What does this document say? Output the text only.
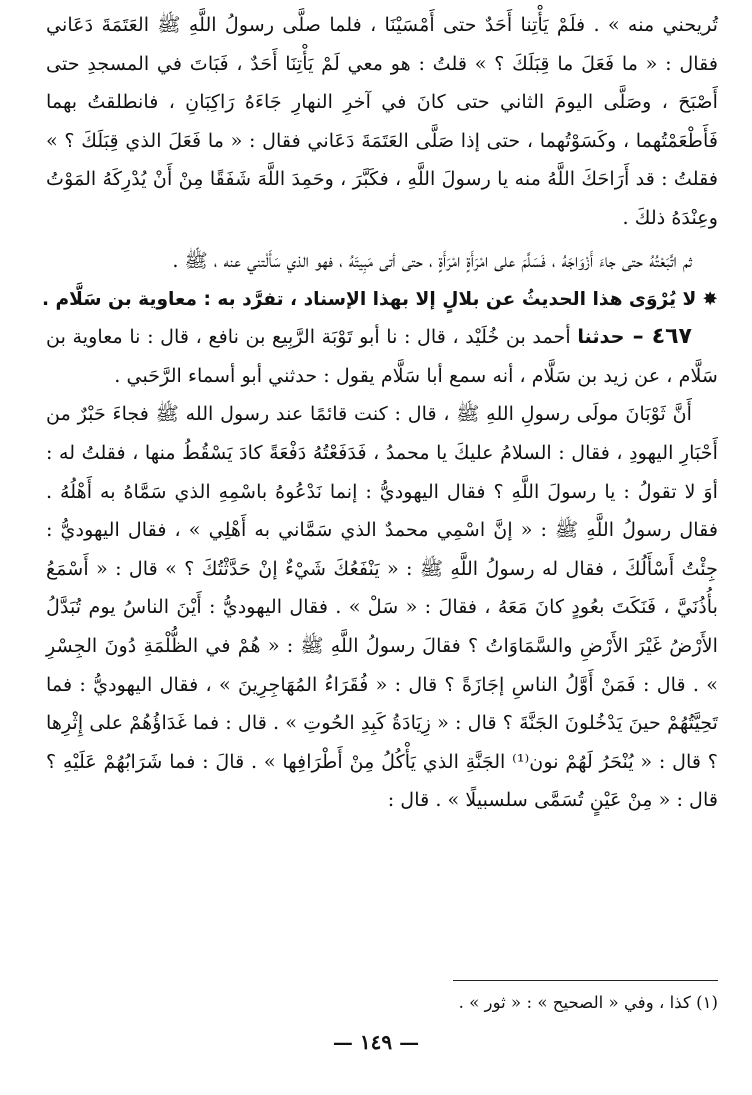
تُريحني منه » . فلَمْ يَأْتِنا أَحَدٌ حتى أَمْسَيْنَا ، فلما صلَّى رسولُ اللَّهِ ﷺ العَتَمَةَ دَعَاني فقال : « ما فَعَلَ ما قِبَلَكَ ؟ » قلتُ : هو معي لَمْ يَأْتِنَا أَحَدٌ ، فَبَاتَ في المسجدِ حتى أَصْبَحَ ، وصَلَّى اليومَ الثاني حتى كانَ في آخرِ النهارِ جَاءَهُ رَاكِبَانِ ، فانطلقتُ بهما فَأَطْعَمْتُهما ، وكَسَوْتُهما ، حتى إذا صَلَّى العَتَمَةَ دَعَاني فقال : « ما فَعَلَ الذي قِبَلَكَ ؟ » فقلتُ : قد أَرَاحَكَ اللَّهُ منه يا رسولَ اللَّهِ ، فكَبَّرَ ، وحَمِدَ اللَّهَ شَفَقًا مِنْ أَنْ يُدْرِكَهُ المَوْتُ وعِنْدَهُ ذلكَ .

ثم اتَّبَعْتُهُ حتى جاءَ أَزْوَاجَهُ ، فَسَلَّمَ على امْرَأَةٍ امْرَأَةٍ ، حتى أتى مَبِيتَهُ ، فهو الذي سَأَلْتني عنه ، ﷺ .

✸لا يُرْوَى هذا الحديثُ عن بلالٍ إلا بهذا الإسناد ، تفرَّد به : معاوية بن سَلَّام .

٤٦٧ – حدثنا أحمد بن خُلَيْد ، قال : نا أبو تَوْبَة الرَّبِيع بن نافع ، قال : نا معاوية بن سَلَّام ، عن زيد بن سَلَّام ، أنه سمع أبا سَلَّام يقول : حدثني أبو أسماء الرَّحَبي .

أَنَّ ثَوْبَانَ مولَى رسولِ اللهِ ﷺ ، قال : كنت قائمًا عند رسول الله ﷺ فجاءَ حَبْرٌ من أَحْبَارِ اليهودِ ، فقال : السلامُ عليكَ يا محمدُ ، فَدَفَعْتُهُ دَفْعَةً كادَ يَسْقُطُ منها ، فقلتُ له : أوَ لا تقولُ : يا رسولَ اللَّهِ ؟ فقال اليهوديُّ : إنما نَدْعُوهُ باسْمِهِ الذي سَمَّاهُ به أَهْلُهُ . فقال رسولُ اللَّهِ ﷺ : « إنَّ اسْمِي محمدٌ الذي سَمَّاني به أَهْلِي » ، فقال اليهوديُّ : جِئْتُ أَسْأَلُكَ ، فقال له رسولُ اللَّهِ ﷺ : « يَنْفَعُكَ شَيْءٌ إنْ حَدَّثْتُكَ ؟ » قال : « أَسْمَعُ بأُذُنَيَّ ، فَنَكَتَ بعُودٍ كانَ مَعَهُ ، فقالَ : « سَلْ » . فقال اليهوديُّ : أَيْنَ الناسُ يوم تُبَدَّلُ الأَرْضُ غَيْرَ الأَرْضِ والسَّمَاوَاتُ ؟ فقالَ رسولُ اللَّهِ ﷺ : « هُمْ في الظُّلْمَةِ دُونَ الجِسْرِ » . قال : فَمَنْ أَوَّلُ الناسِ إجَازَةً ؟ قال : « فُقَرَاءُ المُهَاجِرِينَ » ، فقال اليهوديُّ : فما تَحِيَّتُهُمْ حينَ يَدْخُلونَ الجَنَّةَ ؟ قال : « زِيَادَةُ كَبِدِ الحُوتِ » . قال : فما غَدَاؤُهُمْ على إِثْرِها ؟ قال : « يُنْحَرُ لَهُمْ نون⁽¹⁾ الجَنَّةِ الذي يَأْكُلُ مِنْ أَطْرَافِها » . قالَ : فما شَرَابُهُمْ عَلَيْهِ ؟ قال : « مِنْ عَيْنٍ تُسَمَّى سلسبيلًا » . قال :

(١) كذا ، وفي « الصحيح » : « ثور » .
— ١٤٩ —
